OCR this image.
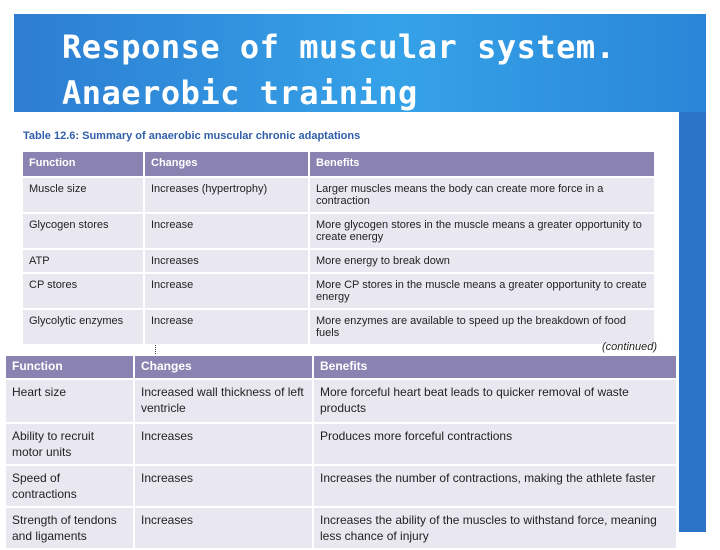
Response of muscular system.
Anaerobic training
Table 12.6: Summary of anaerobic muscular chronic adaptations
Function	Changes	Benefits
Muscle size	Increases (hypertrophy)	Larger muscles means the body can create more force in a contraction
Glycogen stores	Increase	More glycogen stores in the muscle means a greater opportunity to create energy
ATP	Increases	More energy to break down
CP stores	Increase	More CP stores in the muscle means a greater opportunity to create energy
Glycolytic enzymes	Increase	More enzymes are available to speed up the breakdown of food fuels
(continued)
Function	Changes	Benefits
Heart size	Increased wall thickness of left ventricle	More forceful heart beat leads to quicker removal of waste products
Ability to recruit motor units	Increases	Produces more forceful contractions
Speed of contractions	Increases	Increases the number of contractions, making the athlete faster
Strength of tendons and ligaments	Increases	Increases the ability of the muscles to withstand force, meaning less chance of injury
